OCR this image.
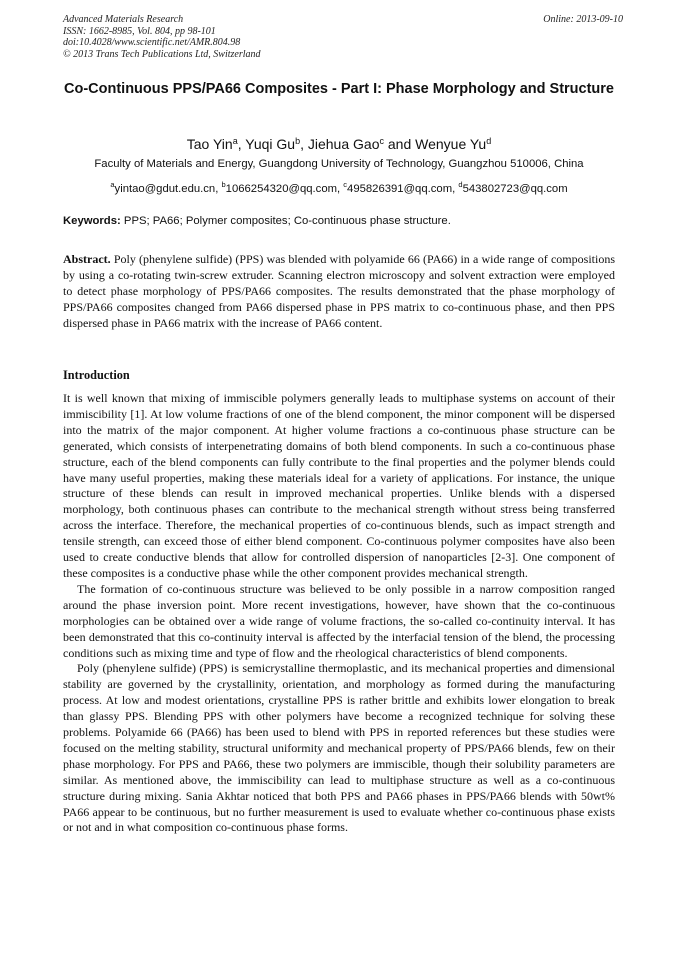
Advanced Materials Research
ISSN: 1662-8985, Vol. 804, pp 98-101
doi:10.4028/www.scientific.net/AMR.804.98
© 2013 Trans Tech Publications Ltd, Switzerland
Online: 2013-09-10
Co-Continuous PPS/PA66 Composites - Part I: Phase Morphology and Structure
Tao Yin$^a$, Yuqi Gu$^b$, Jiehua Gao$^c$ and Wenyue Yu$^d$
Faculty of Materials and Energy, Guangdong University of Technology, Guangzhou 510006, China
$^a$yintao@gdut.edu.cn, $^b$1066254320@qq.com, $^c$495826391@qq.com, $^d$543802723@qq.com
Keywords: PPS; PA66; Polymer composites; Co-continuous phase structure.
Abstract. Poly (phenylene sulfide) (PPS) was blended with polyamide 66 (PA66) in a wide range of compositions by using a co-rotating twin-screw extruder. Scanning electron microscopy and solvent extraction were employed to detect phase morphology of PPS/PA66 composites. The results demonstrated that the phase morphology of PPS/PA66 composites changed from PA66 dispersed phase in PPS matrix to co-continuous phase, and then PPS dispersed phase in PA66 matrix with the increase of PA66 content.
Introduction

It is well known that mixing of immiscible polymers generally leads to multiphase systems on account of their immiscibility [1]. At low volume fractions of one of the blend component, the minor component will be dispersed into the matrix of the major component. At higher volume fractions a co-continuous phase structure can be generated, which consists of interpenetrating domains of both blend components. In such a co-continuous phase structure, each of the blend components can fully contribute to the final properties and the polymer blends could have many useful properties, making these materials ideal for a variety of applications. For instance, the unique structure of these blends can result in improved mechanical properties. Unlike blends with a dispersed morphology, both continuous phases can contribute to the mechanical strength without stress being transferred across the interface. Therefore, the mechanical properties of co-continuous blends, such as impact strength and tensile strength, can exceed those of either blend component. Co-continuous polymer composites have also been used to create conductive blends that allow for controlled dispersion of nanoparticles [2-3]. One component of these composites is a conductive phase while the other component provides mechanical strength.

The formation of co-continuous structure was believed to be only possible in a narrow composition ranged around the phase inversion point. More recent investigations, however, have shown that the co-continuous morphologies can be obtained over a wide range of volume fractions, the so-called co-continuity interval. It has been demonstrated that this co-continuity interval is affected by the interfacial tension of the blend, the processing conditions such as mixing time and type of flow and the rheological characteristics of blend components.

Poly (phenylene sulfide) (PPS) is semicrystalline thermoplastic, and its mechanical properties and dimensional stability are governed by the crystallinity, orientation, and morphology as formed during the manufacturing process. At low and modest orientations, crystalline PPS is rather brittle and exhibits lower elongation to break than glassy PPS. Blending PPS with other polymers have become a recognized technique for solving these problems. Polyamide 66 (PA66) has been used to blend with PPS in reported references but these studies were focused on the melting stability, structural uniformity and mechanical property of PPS/PA66 blends, few on their phase morphology. For PPS and PA66, these two polymers are immiscible, though their solubility parameters are similar. As mentioned above, the immiscibility can lead to multiphase structure as well as a co-continuous structure during mixing. Sania Akhtar noticed that both PPS and PA66 phases in PPS/PA66 blends with 50wt% PA66 appear to be continuous, but no further measurement is used to evaluate whether co-continuous phase exists or not and in what composition co-continuous phase forms.
